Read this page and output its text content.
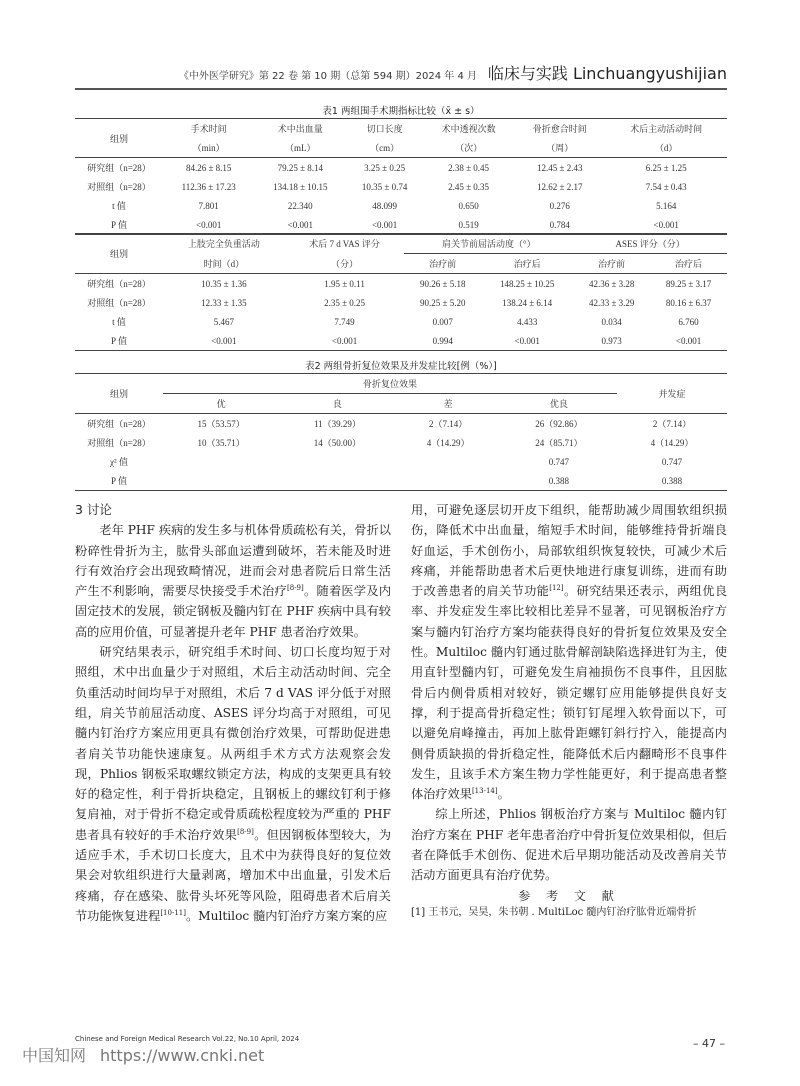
《中外医学研究》第 22 卷 第 10 期（总第 594 期）2024 年 4 月 临床与实践 Linchuangyushijian
表1 两组围手术期指标比较（x̄ ± s）
组别	手术时间	术中出血量	切口长度	术中透视次数	骨折愈合时间	术后主动活动时间
	（min）	（mL）	（cm）	（次）	（周）	（d）
研究组（n=28）	84.26 ± 8.15	79.25 ± 8.14	3.25 ± 0.25	2.38 ± 0.45	12.45 ± 2.43	6.25 ± 1.25
对照组（n=28）	112.36 ± 17.23	134.18 ± 10.15	10.35 ± 0.74	2.45 ± 0.35	12.62 ± 2.17	7.54 ± 0.43
t 值	7.801	22.340	48.099	0.650	0.276	5.164
P 值	<0.001	<0.001	<0.001	0.519	0.784	<0.001
组别	上肢完全负重活动	术后 7 d VAS 评分	肩关节前屈活动度（°）		ASES 评分（分）	
	时间（d）	（分）	治疗前	治疗后	治疗前	治疗后
研究组（n=28）	10.35 ± 1.36	1.95 ± 0.11	90.26 ± 5.18	148.25 ± 10.25	42.36 ± 3.28	89.25 ± 3.17
对照组（n=28）	12.33 ± 1.35	2.35 ± 0.25	90.25 ± 5.20	138.24 ± 6.14	42.33 ± 3.29	80.16 ± 6.37
t 值	5.467	7.749	0.007	4.433	0.034	6.760
P 值	<0.001	<0.001	0.994	<0.001	0.973	<0.001
表2 两组骨折复位效果及并发症比较[例（%）]
组别	骨折复位效果				并发症
	优	良	差	优良	
研究组（n=28）	15（53.57）	11（39.29）	2（7.14）	26（92.86）	2（7.14）
对照组（n=28）	10（35.71）	14（50.00）	4（14.29）	24（85.71）	4（14.29）
χ² 值				0.747	0.747
P 值				0.388	0.388
3 讨论

老年 PHF 疾病的发生多与机体骨质疏松有关，骨折以粉碎性骨折为主，肱骨头部血运遭到破坏，若未能及时进行有效治疗会出现致畸情况，进而会对患者院后日常生活产生不利影响，需要尽快接受手术治疗[8-9]。随着医学及内固定技术的发展，锁定钢板及髓内钉在 PHF 疾病中具有较高的应用价值，可显著提升老年 PHF 患者治疗效果。

研究结果表示，研究组手术时间、切口长度均短于对照组，术中出血量少于对照组，术后主动活动时间、完全负重活动时间均早于对照组，术后 7 d VAS 评分低于对照组，肩关节前屈活动度、ASES 评分均高于对照组，可见髓内钉治疗方案应用更具有微创治疗效果，可帮助促进患者肩关节功能快速康复。从两组手术方式方法观察会发现，Phlios 钢板采取螺纹锁定方法，构成的支架更具有较好的稳定性，利于骨折块稳定，且钢板上的螺纹钉利于修复肩袖，对于骨折不稳定或骨质疏松程度较为严重的 PHF 患者具有较好的手术治疗效果[8-9]。但因钢板体型较大，为适应手术，手术切口长度大，且术中为获得良好的复位效果会对软组织进行大量剥离，增加术中出血量，引发术后疼痛，存在感染、肱骨头坏死等风险，阻碍患者术后肩关节功能恢复进程[10-11]。Multiloc 髓内钉治疗方案方案的应

用，可避免逐层切开皮下组织，能帮助减少周围软组织损伤，降低术中出血量，缩短手术时间，能够维持骨折端良好血运，手术创伤小，局部软组织恢复较快，可减少术后疼痛，并能帮助患者术后更快地进行康复训练，进而有助于改善患者的肩关节功能[12]。研究结果还表示，两组优良率、并发症发生率比较相比差异不显著，可见钢板治疗方案与髓内钉治疗方案均能获得良好的骨折复位效果及安全性。Multiloc 髓内钉通过肱骨解剖缺陷选择进钉为主，使用直针型髓内钉，可避免发生肩袖损伤不良事件，且因肱骨后内侧骨质相对较好，锁定螺钉应用能够提供良好支撑，利于提高骨折稳定性；锁钉钉尾埋入软骨面以下，可以避免肩峰撞击，再加上肱骨距螺钉斜行拧入，能提高内侧骨质缺损的骨折稳定性，能降低术后内翻畸形不良事件发生，且该手术方案生物力学性能更好，利于提高患者整体治疗效果[13-14]。

综上所述，Phlios 钢板治疗方案与 Multiloc 髓内钉治疗方案在 PHF 老年患者治疗中骨折复位效果相似，但后者在降低手术创伤、促进术后早期功能活动及改善肩关节活动方面更具有治疗优势。

参 考 文 献

[1] 王书元，吴昊，朱书朝 . MultiLoc 髓内钉治疗肱骨近端骨折

Chinese and Foreign Medical Research Vol.22, No.10 April, 2024	– 47 –
中国知网 https://www.cnki.net
